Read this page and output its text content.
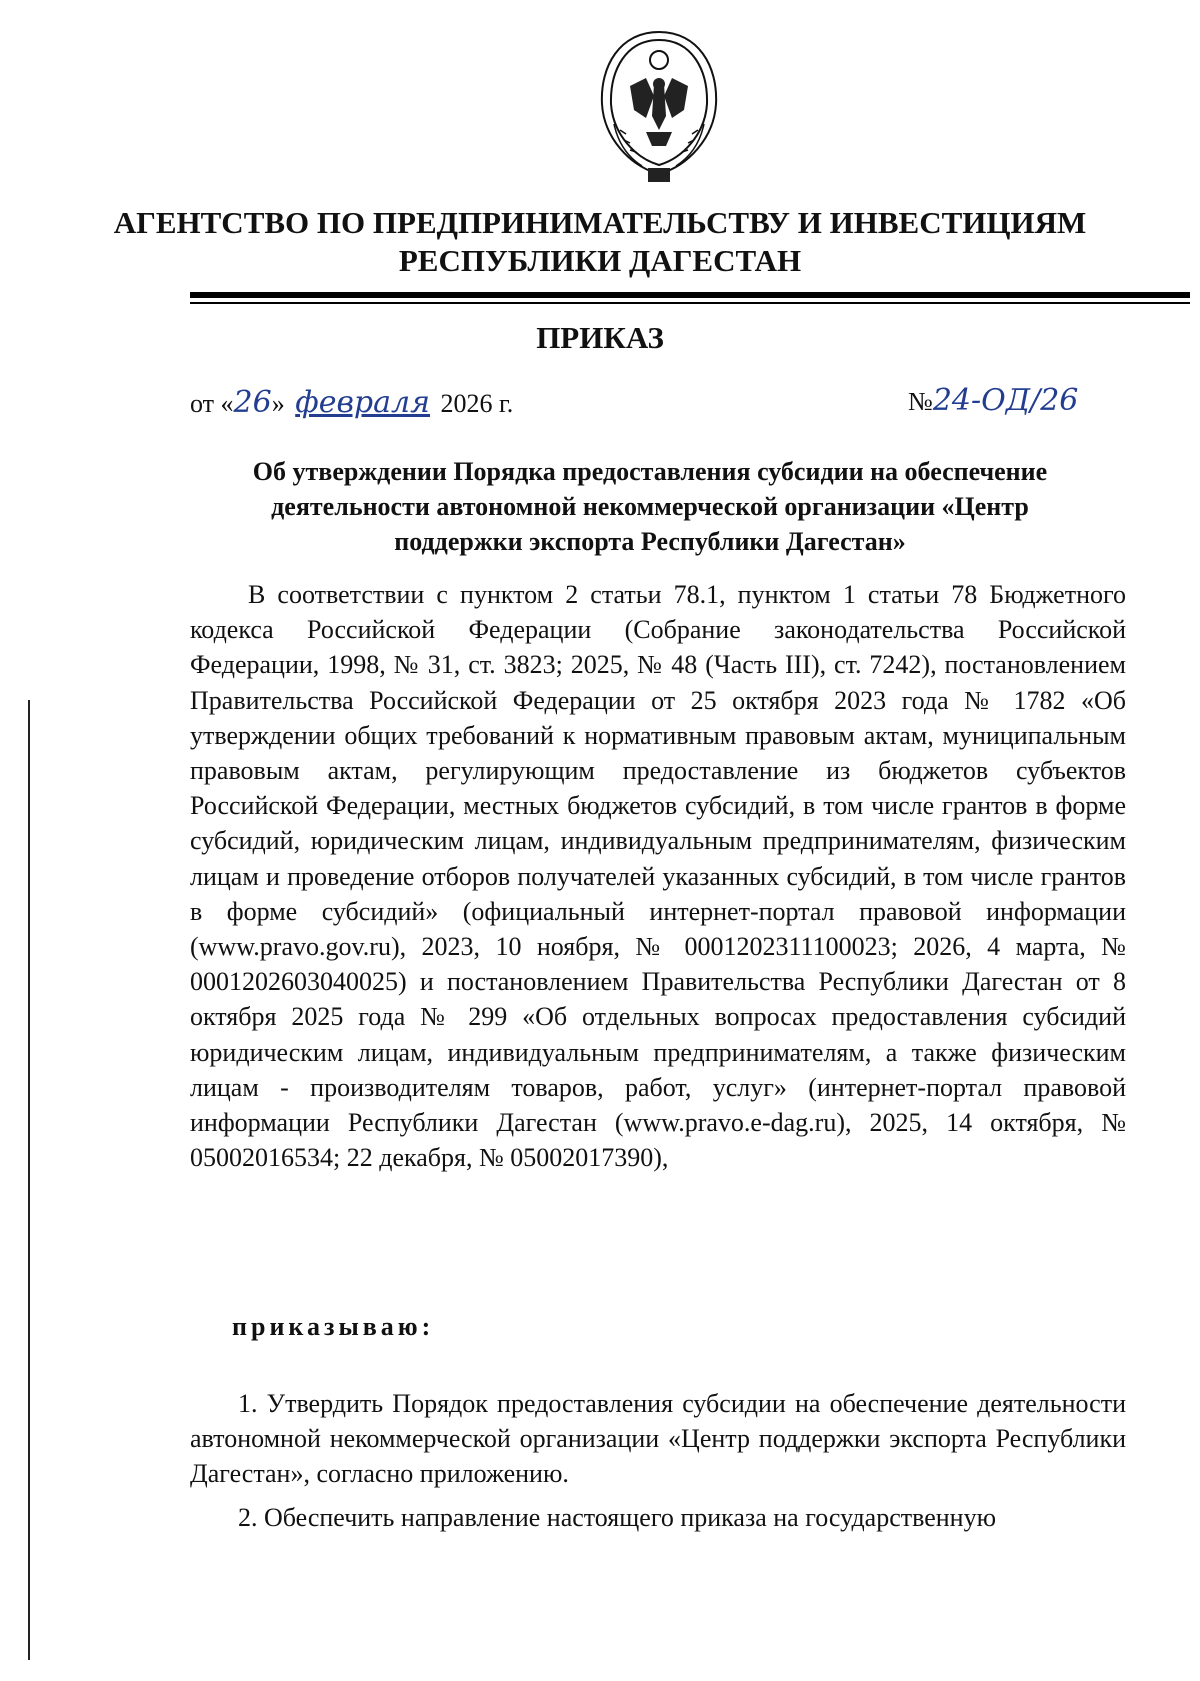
АГЕНТСТВО ПО ПРЕДПРИНИМАТЕЛЬСТВУ И ИНВЕСТИЦИЯМ
РЕСПУБЛИКИ ДАГЕСТАН
ПРИКАЗ
от «26» февраля 2026 г.	№24-ОД/26
Об утверждении Порядка предоставления субсидии на обеспечение
деятельности автономной некоммерческой организации «Центр
поддержки экспорта Республики Дагестан»
В соответствии с пунктом 2 статьи 78.1, пунктом 1 статьи 78 Бюджетного кодекса Российской Федерации (Собрание законодательства Российской Федерации, 1998, № 31, ст. 3823; 2025, № 48 (Часть III), ст. 7242), постановлением Правительства Российской Федерации от 25 октября 2023 года № 1782 «Об утверждении общих требований к нормативным правовым актам, муниципальным правовым актам, регулирующим предоставление из бюджетов субъектов Российской Федерации, местных бюджетов субсидий, в том числе грантов в форме субсидий, юридическим лицам, индивидуальным предпринимателям, физическим лицам и проведение отборов получателей указанных субсидий, в том числе грантов в форме субсидий» (официальный интернет-портал правовой информации (www.pravo.gov.ru), 2023, 10 ноября, № 0001202311100023; 2026, 4 марта, № 0001202603040025) и постановлением Правительства Республики Дагестан от 8 октября 2025 года № 299 «Об отдельных вопросах предоставления субсидий юридическим лицам, индивидуальным предпринимателям, а также физическим лицам - производителям товаров, работ, услуг» (интернет-портал правовой информации Республики Дагестан (www.pravo.e-dag.ru), 2025, 14 октября, № 05002016534; 22 декабря, № 05002017390),
приказываю:
1. Утвердить Порядок предоставления субсидии на обеспечение деятельности автономной некоммерческой организации «Центр поддержки экспорта Республики Дагестан», согласно приложению.
2. Обеспечить направление настоящего приказа на государственную
